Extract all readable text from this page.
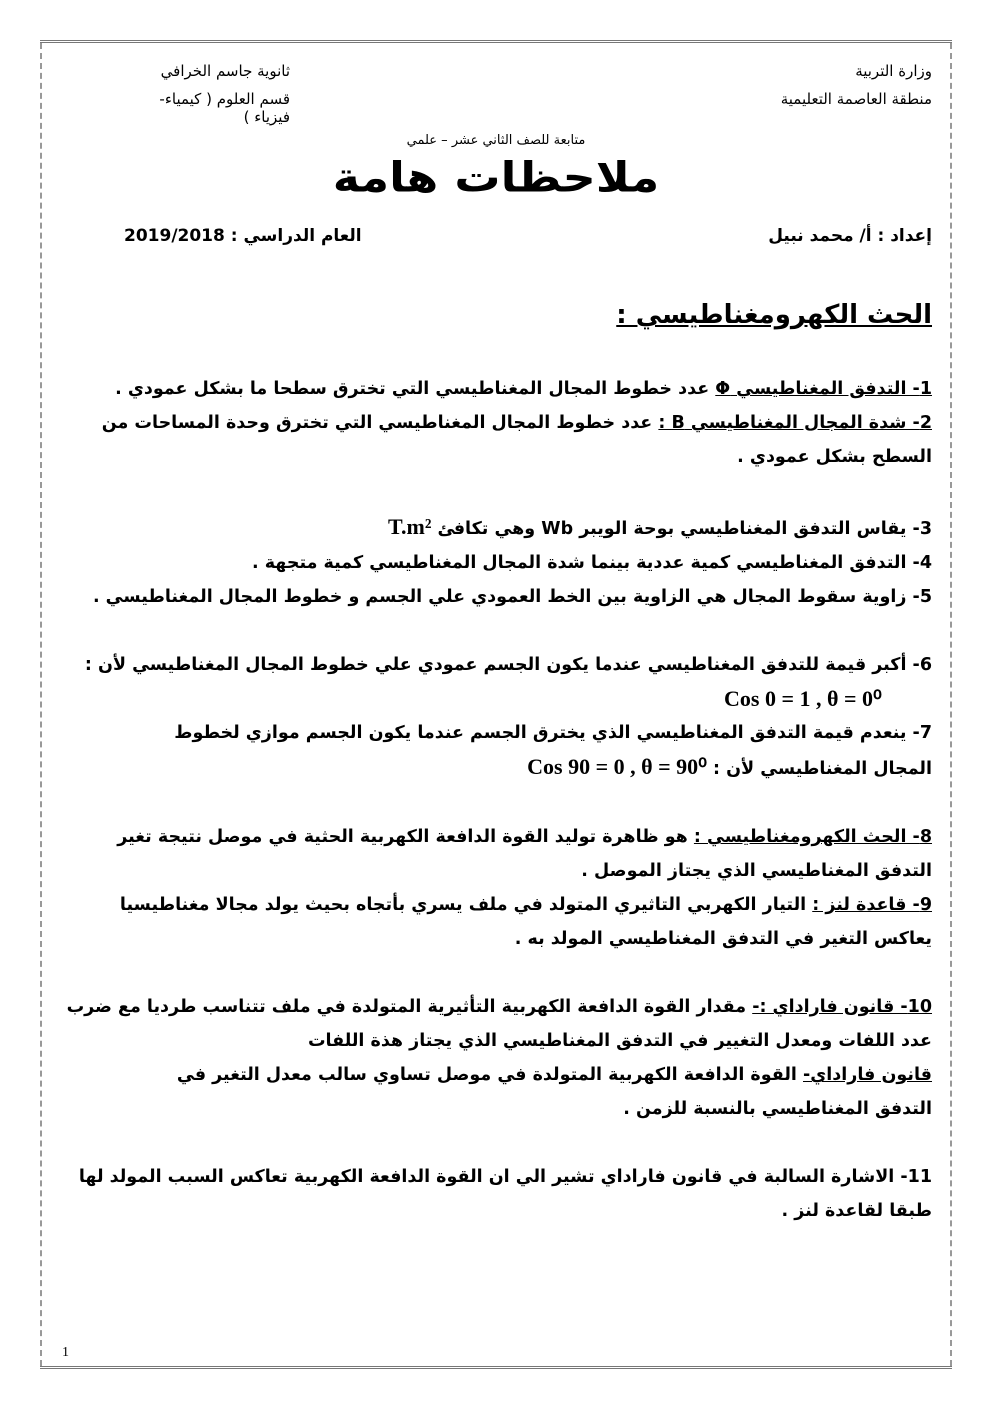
وزارة التربية
منطقة العاصمة التعليمية
ثانوية جاسم الخرافي
قسم العلوم ( كيمياء- فيزياء )
متابعة للصف الثاني عشر – علمي
ملاحظات هامة
إعداد : أ/ محمد نبيل
العام الدراسي : 2019/2018
الحث الكهرومغناطيسي :

1- التدفق المغناطيسي Φ عدد خطوط المجال المغناطيسي التي تخترق سطحا ما بشكل عمودي .

2- شدة المجال المغناطيسي B : عدد خطوط المجال المغناطيسي التي تخترق وحدة المساحات من السطح بشكل عمودي .

3- يقاس التدفق المغناطيسي بوحة الويبر Wb وهي تكافئ T.m²

4- التدفق المغناطيسي كمية عددية بينما شدة المجال المغناطيسي كمية متجهة .

5- زاوية سقوط المجال هي الزاوية بين الخط العمودي علي الجسم و خطوط المجال المغناطيسي .

6- أكبر قيمة للتدفق المغناطيسي عندما يكون الجسم عمودي علي خطوط المجال المغناطيسي لأن :

Cos 0 = 1 , θ = 0⁰

7- ينعدم قيمة التدفق المغناطيسي الذي يخترق الجسم عندما يكون الجسم موازي لخطوط المجال المغناطيسي لأن : Cos 90 = 0 , θ = 90⁰

8- الحث الكهرومغناطيسي : هو ظاهرة توليد القوة الدافعة الكهربية الحثية في موصل نتيجة تغير التدفق المغناطيسي الذي يجتاز الموصل .

9- قاعدة لنز : التيار الكهربي التاثيري المتولد في ملف يسري بأتجاه بحيث يولد مجالا مغناطيسيا يعاكس التغير في التدفق المغناطيسي المولد به .

10- قانون فاراداي :- مقدار القوة الدافعة الكهربية التأثيرية المتولدة في ملف تتناسب طرديا مع ضرب عدد اللفات ومعدل التغيير في التدفق المغناطيسي الذي يجتاز هذة اللفات

قانون فاراداي- القوة الدافعة الكهربية المتولدة في موصل تساوي سالب معدل التغير في التدفق المغناطيسي بالنسبة للزمن .

11- الاشارة السالبة في قانون فاراداي تشير الي ان القوة الدافعة الكهربية تعاكس السبب المولد لها طبقا لقاعدة لنز .

1
